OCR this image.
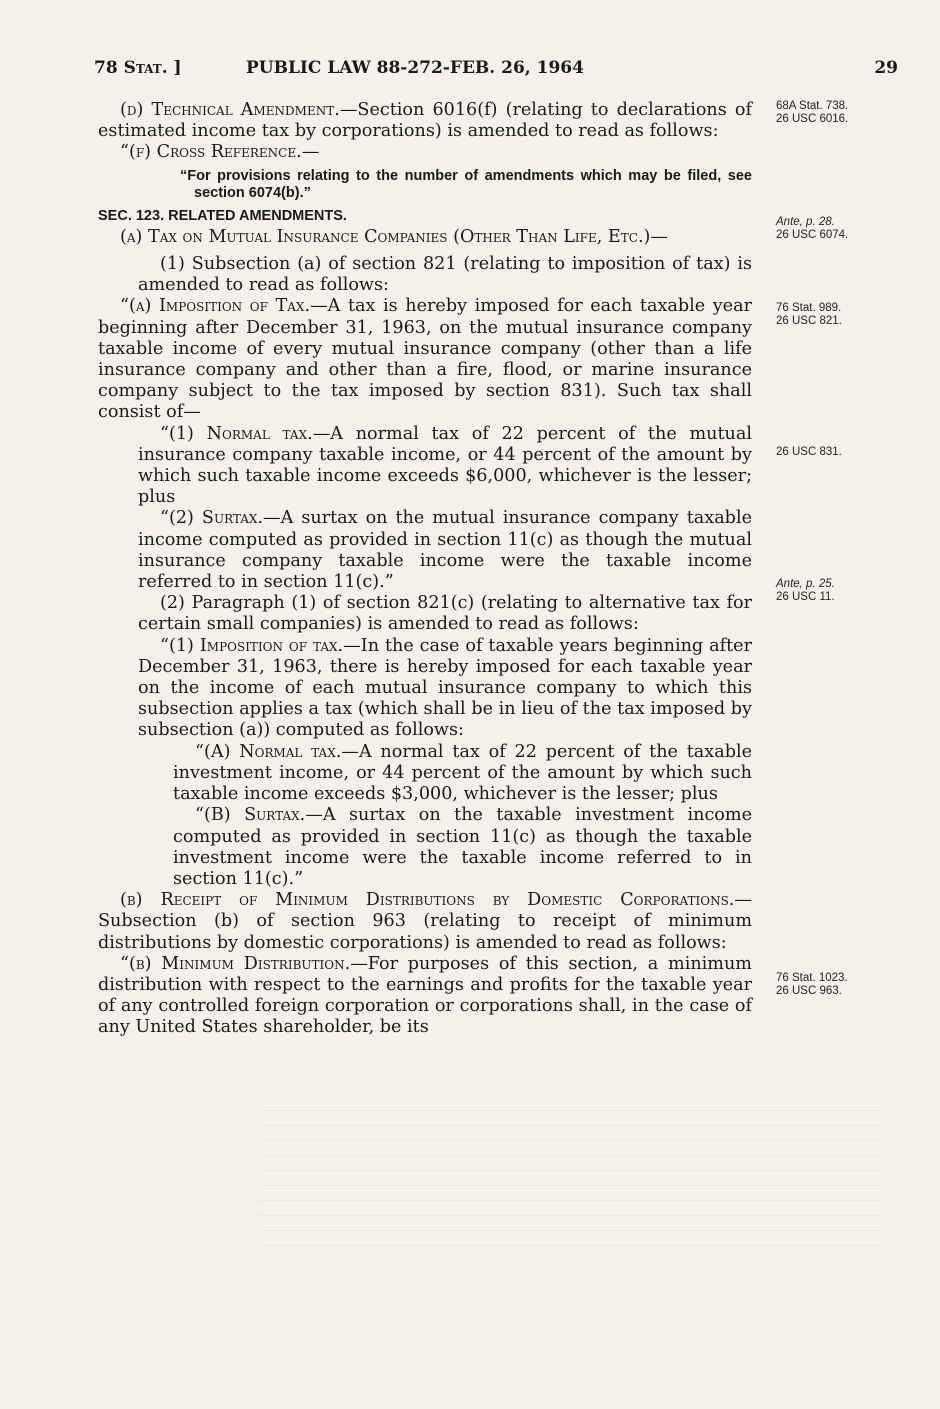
78 Stat. ]	PUBLIC LAW 88-272-FEB. 26, 1964	29

(d) Technical Amendment.—Section 6016(f) (relating to declarations of estimated income tax by corporations) is amended to read as follows:

“(f) Cross Reference.—

“For provisions relating to the number of amendments which may be filed, see section 6074(b).”

SEC. 123. RELATED AMENDMENTS.

(a) Tax on Mutual Insurance Companies (Other Than Life, Etc.)—

(1) Subsection (a) of section 821 (relating to imposition of tax) is amended to read as follows:

“(a) Imposition of Tax.—A tax is hereby imposed for each taxable year beginning after December 31, 1963, on the mutual insurance company taxable income of every mutual insurance company (other than a life insurance company and other than a fire, flood, or marine insurance company subject to the tax imposed by section 831). Such tax shall consist of—

“(1) Normal tax.—A normal tax of 22 percent of the mutual insurance company taxable income, or 44 percent of the amount by which such taxable income exceeds $6,000, whichever is the lesser; plus

“(2) Surtax.—A surtax on the mutual insurance company taxable income computed as provided in section 11(c) as though the mutual insurance company taxable income were the taxable income referred to in section 11(c).”

(2) Paragraph (1) of section 821(c) (relating to alternative tax for certain small companies) is amended to read as follows:

“(1) Imposition of tax.—In the case of taxable years beginning after December 31, 1963, there is hereby imposed for each taxable year on the income of each mutual insurance company to which this subsection applies a tax (which shall be in lieu of the tax imposed by subsection (a)) computed as follows:

“(A) Normal tax.—A normal tax of 22 percent of the taxable investment income, or 44 percent of the amount by which such taxable income exceeds $3,000, whichever is the lesser; plus

“(B) Surtax.—A surtax on the taxable investment income computed as provided in section 11(c) as though the taxable investment income were the taxable income referred to in section 11(c).”

(b) Receipt of Minimum Distributions by Domestic Corporations.—Subsection (b) of section 963 (relating to receipt of minimum distributions by domestic corporations) is amended to read as follows:

“(b) Minimum Distribution.—For purposes of this section, a minimum distribution with respect to the earnings and profits for the taxable year of any controlled foreign corporation or corporations shall, in the case of any United States shareholder, be its

68A Stat. 738.
26 USC 6016.
Ante, p. 28.
26 USC 6074.
76 Stat. 989.
26 USC 821.
26 USC 831.
Ante, p. 25.
26 USC 11.
76 Stat. 1023.
26 USC 963.
